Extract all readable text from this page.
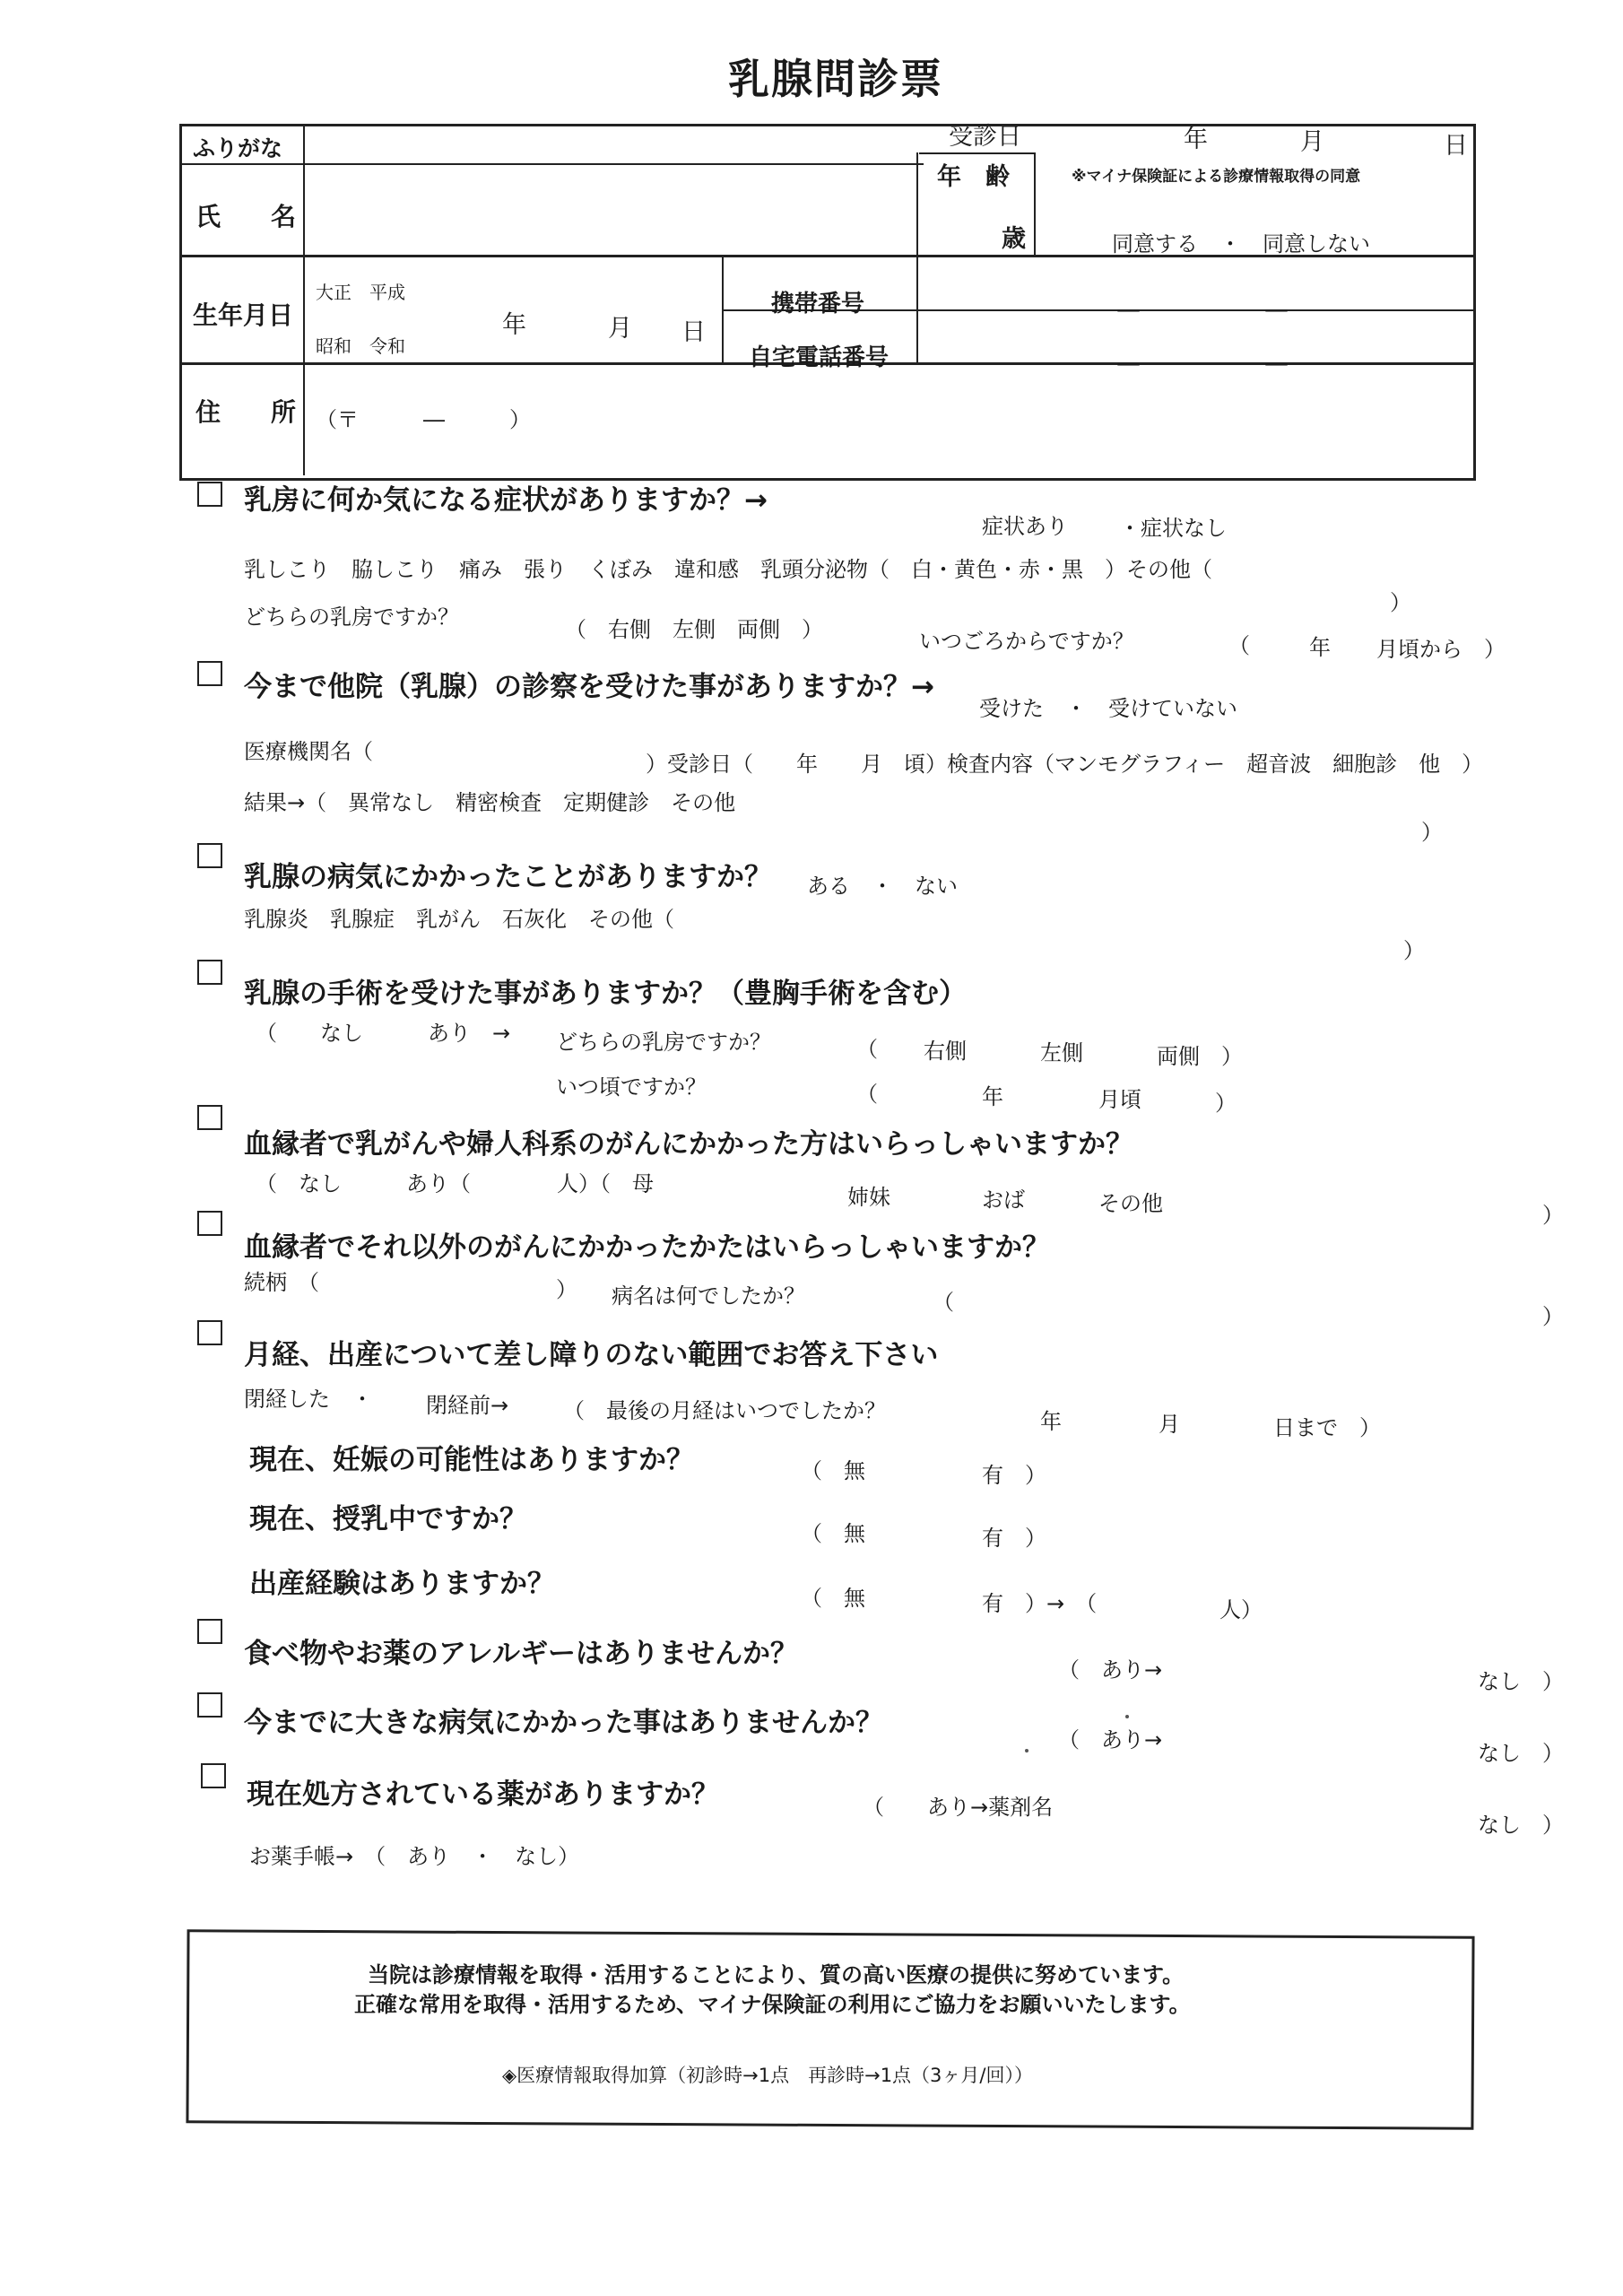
乳腺問診票
受診日	年	月	日
ふりがな
氏　　名
年　齢
歳
※マイナ保険証による診療情報取得の同意
同意する　・　同意しない
生年月日
大正　平成
昭和　令和
年	月 日
携帯番号	—	—
自宅電話番号	—	—
住　　所 （〒　　　―　　　）
乳房に何か気になる症状がありますか？→
症状あり ・症状なし
乳しこり　脇しこり　痛み　張り　くぼみ　違和感　乳頭分泌物（　白・黄色・赤・黒　）その他（
）
どちらの乳房ですか？	（　右側　左側　両側　）	いつごろからですか？	（	年 月頃から　）
今まで他院（乳腺）の診察を受けた事がありますか？→
受けた　・　受けていない
医療機関名（	）受診日（　　年　　月　頃）検査内容（マンモグラフィー　超音波　細胞診　他　）
結果→（　異常なし　精密検査　定期健診　その他
）
乳腺の病気にかかったことがありますか？ ある　・　ない
乳腺炎　乳腺症　乳がん　石灰化　その他（
）
乳腺の手術を受けた事がありますか？（豊胸手術を含む）
（　　なし　　　あり　→ どちらの乳房ですか？	（ 右側	左側	両側　）
いつ頃ですか？	（	年	月頃	）
血縁者で乳がんや婦人科系のがんにかかった方はいらっしゃいますか？
（　なし　　　あり（　　　　人）（　母
姉妹	おば	その他	）
血縁者でそれ以外のがんにかかったかたはいらっしゃいますか？
続柄　（	） 病名は何でしたか？	（
）
月経、出産について差し障りのない範囲でお答え下さい
閉経した　・ 閉経前→	（　最後の月経はいつでしたか？	年	月	日まで　）
現在、妊娠の可能性はありますか？	（　無	有　）
現在、授乳中ですか？	（　無	有　）
出産経験はありますか？	（　無	有　）→　（	人）
食べ物やお薬のアレルギーはありませんか？	（　あり→	なし　）
今までに大きな病気にかかった事はありませんか？
（　あり→
なし　）
現在処方されている薬がありますか？	（　　あり→薬剤名
なし　）
お薬手帳→　（　あり　・　なし）
当院は診療情報を取得・活用することにより、質の高い医療の提供に努めています。
正確な常用を取得・活用するため、マイナ保険証の利用にご協力をお願いいたします。
◈医療情報取得加算（初診時→1点　再診時→1点（3ヶ月/回））
